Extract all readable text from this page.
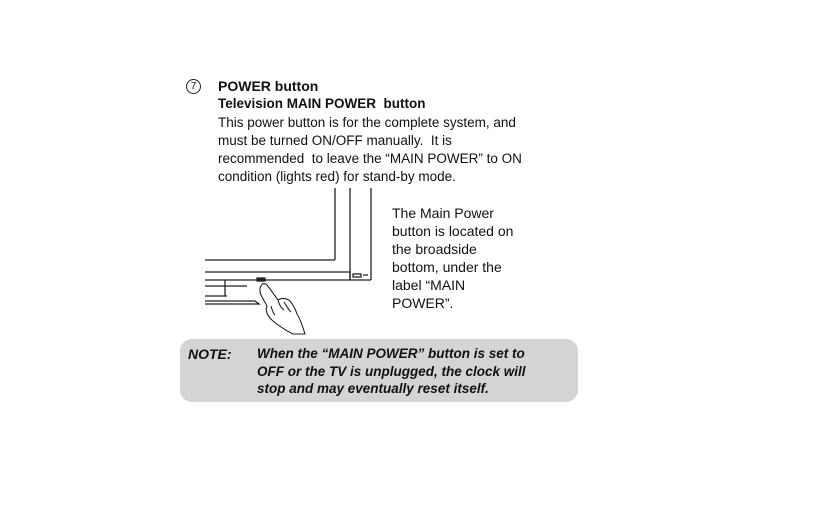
7	POWER button
Television MAIN POWER  button
This power button is for the complete system, and
must be turned ON/OFF manually.  It is
recommended  to leave the “MAIN POWER” to ON
condition (lights red) for stand-by mode.
The Main Power
button is located on
the broadside
bottom, under the
label “MAIN
POWER”.
NOTE: When the “MAIN POWER” button is set to
OFF or the TV is unplugged, the clock will
stop and may eventually reset itself.
